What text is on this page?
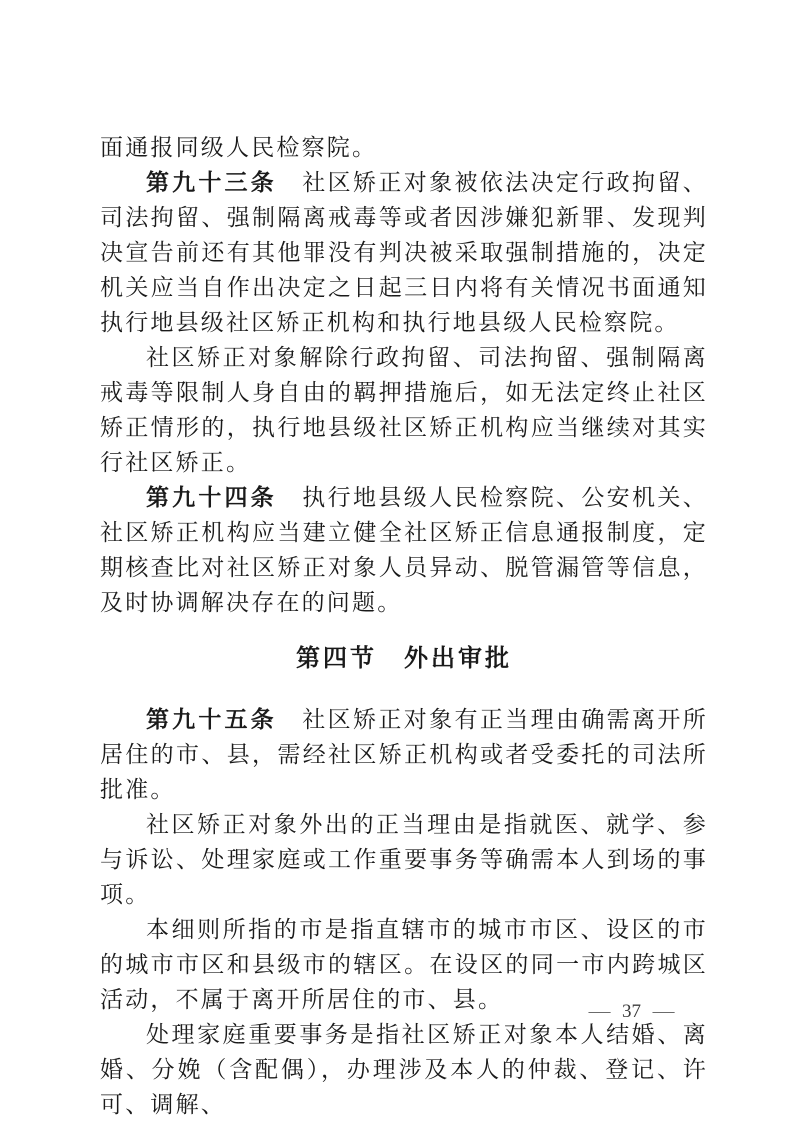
面通报同级人民检察院。

第九十三条　社区矫正对象被依法决定行政拘留、司法拘留、强制隔离戒毒等或者因涉嫌犯新罪、发现判决宣告前还有其他罪没有判决被采取强制措施的，决定机关应当自作出决定之日起三日内将有关情况书面通知执行地县级社区矫正机构和执行地县级人民检察院。

社区矫正对象解除行政拘留、司法拘留、强制隔离戒毒等限制人身自由的羁押措施后，如无法定终止社区矫正情形的，执行地县级社区矫正机构应当继续对其实行社区矫正。

第九十四条　执行地县级人民检察院、公安机关、社区矫正机构应当建立健全社区矫正信息通报制度，定期核查比对社区矫正对象人员异动、脱管漏管等信息，及时协调解决存在的问题。

第四节　外出审批

第九十五条　社区矫正对象有正当理由确需离开所居住的市、县，需经社区矫正机构或者受委托的司法所批准。

社区矫正对象外出的正当理由是指就医、就学、参与诉讼、处理家庭或工作重要事务等确需本人到场的事项。

本细则所指的市是指直辖市的城市市区、设区的市的城市市区和县级市的辖区。在设区的同一市内跨城区活动，不属于离开所居住的市、县。

处理家庭重要事务是指社区矫正对象本人结婚、离婚、分娩（含配偶），办理涉及本人的仲裁、登记、许可、调解、

— 37 —
